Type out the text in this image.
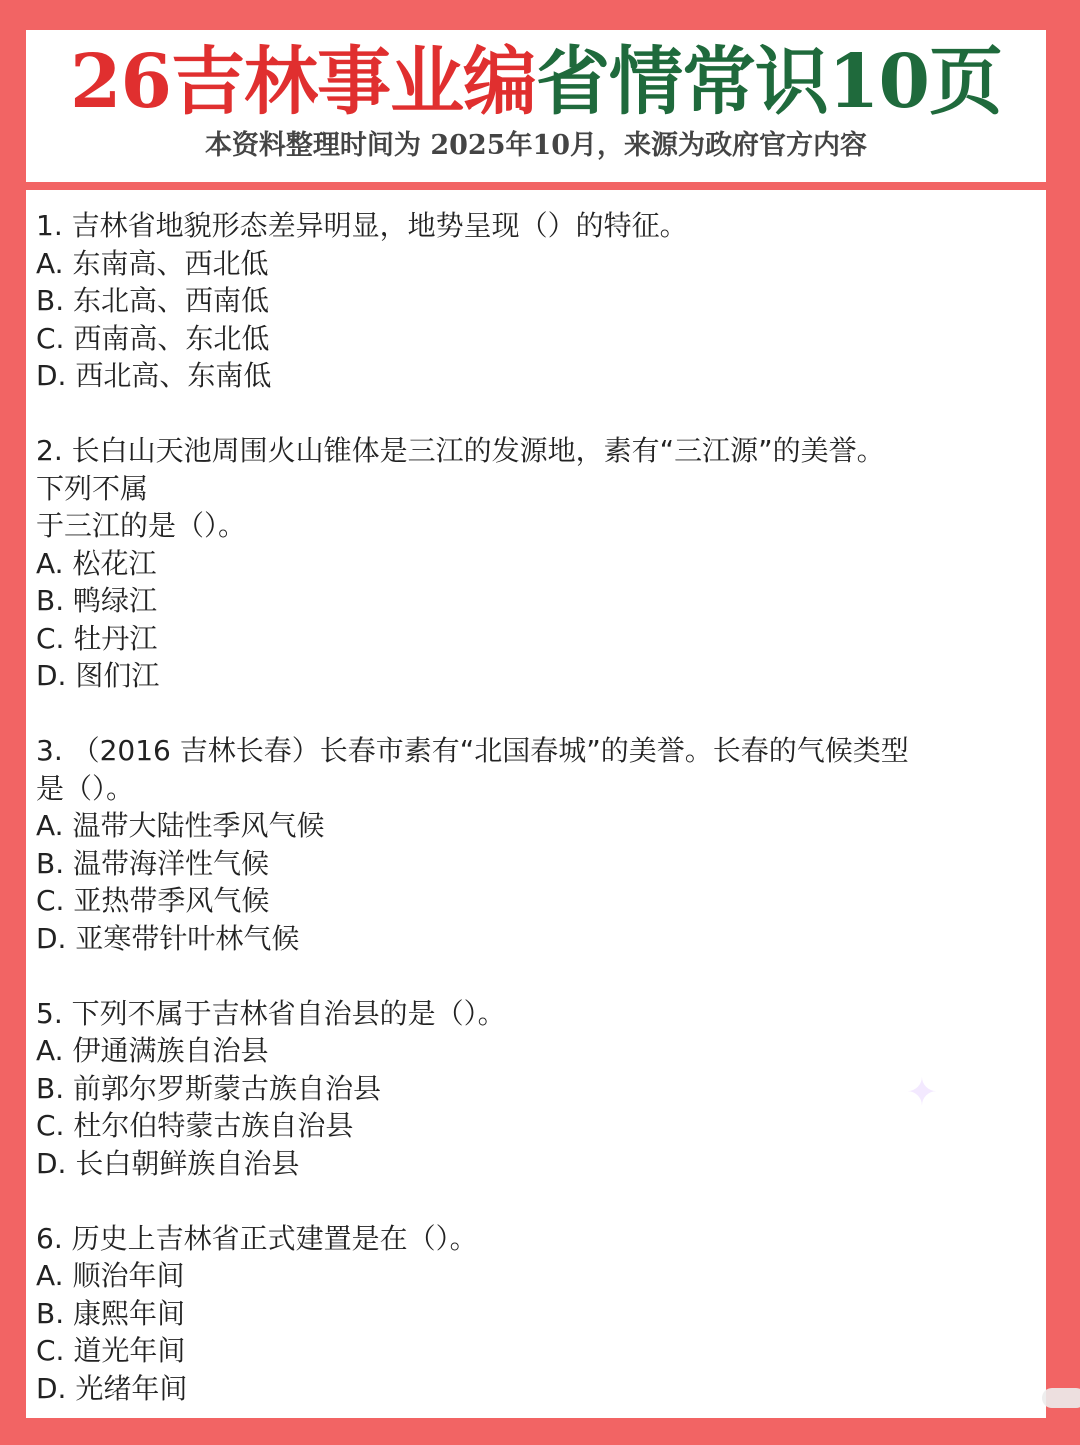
26吉林事业编省情常识10页
本资料整理时间为 2025年10月，来源为政府官方内容
1. 吉林省地貌形态差异明显，地势呈现（）的特征。
A. 东南高、西北低
B. 东北高、西南低
C. 西南高、东北低
D. 西北高、东南低
2. 长白山天池周围火山锥体是三江的发源地，素有“三江源”的美誉。
下列不属
于三江的是（）。
A. 松花江
B. 鸭绿江
C. 牡丹江
D. 图们江
3. （2016 吉林长春）长春市素有“北国春城”的美誉。长春的气候类型
是（）。
A. 温带大陆性季风气候
B. 温带海洋性气候
C. 亚热带季风气候
D. 亚寒带针叶林气候
5. 下列不属于吉林省自治县的是（）。
A. 伊通满族自治县
B. 前郭尔罗斯蒙古族自治县
C. 杜尔伯特蒙古族自治县
D. 长白朝鲜族自治县
6. 历史上吉林省正式建置是在（）。
A. 顺治年间
B. 康熙年间
C. 道光年间
D. 光绪年间
✦
